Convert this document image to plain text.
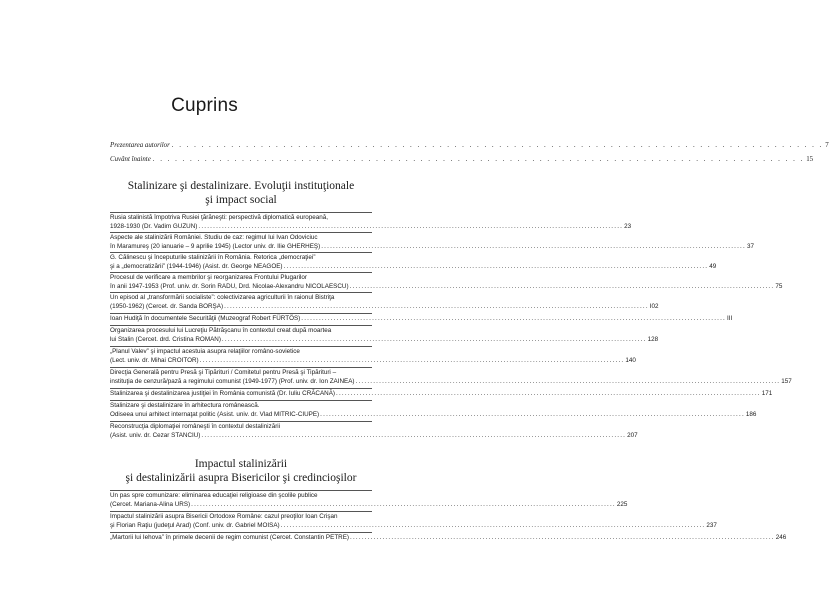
Cuprins
Prezentarea autorilor . . .	7
Cuvânt înainte . . .	15
Stalinizare şi destalinizare. Evoluţii instituţionale
şi impact social
Rusia stalinistă împotriva Rusiei ţărăneşti: perspectivă diplomatică europeană,
1928-1930 (Dr. Vadim GUZUN) .....	23
Aspecte ale stalinizării României. Studiu de caz: regimul lui Ivan Odoviciuc
în Maramureş (20 ianuarie – 9 aprilie 1945) (Lector univ. dr. Ilie GHERHEŞ) .....	37
G. Călinescu şi începuturile stalinizării în România. Retorica „democraţiei”
şi a „democratizării” (1944-1946) (Asist. dr. George NEAGOE) .....	49
Procesul de verificare a membrilor şi reorganizarea Frontului Plugarilor
în anii 1947-1953 (Prof. univ. dr. Sorin RADU, Drd. Nicolae-Alexandru NICOLAESCU) .....	75
Un episod al „transformării socialiste”: colectivizarea agriculturii în raionul Bistriţa
(1950-1962) (Cercet. dr. Sanda BORŞA) .....	I02
Ioan Hudiţă în documentele Securităţii (Muzeograf Robert FÜRTÖS) .....	III
Organizarea procesului lui Lucreţiu Pătrăşcanu în contextul creat după moartea
lui Stalin (Cercet. drd. Cristina ROMAN) .....	128
„Planul Valev” şi impactul acestuia asupra relaţiilor româno-sovietice
(Lect. univ. dr. Mihai CROITOR) .....	140
Direcţia Generală pentru Presă şi Tipărituri / Comitetul pentru Presă şi Tipărituri –
instituţia de cenzură/pază a regimului comunist (1949-1977) (Prof. univ. dr. Ion ZAINEA) .....	157
Stalinizarea şi destalinizarea justiţiei în România comunistă (Dr. Iuliu CRĂCANĂ) .....	171
Stalinizare şi destalinizare în arhitectura românească.
Odiseea unui arhitect internaţat politic (Asist. univ. dr. Vlad MITRIC-CIUPE) .....	186
Reconstrucţia diplomaţiei româneşti în contextul destalinizării
(Asist. univ. dr. Cezar STANCIU) .....	207
Impactul stalinizării
şi destalinizării asupra Bisericilor şi credincioşilor
Un pas spre comunizare: eliminarea educaţiei religioase din şcolile publice
(Cercet. Mariana-Alina URS) .....	225
Impactul stalinizării asupra Bisericii Ortodoxe Române: cazul preoţilor Ioan Crişan
şi Florian Raţiu (judeţul Arad) (Conf. univ. dr. Gabriel MOISA) .....	237
„Martorii lui Iehova” în primele decenii de regim comunist (Cercet. Constantin PETRE) .....	246
